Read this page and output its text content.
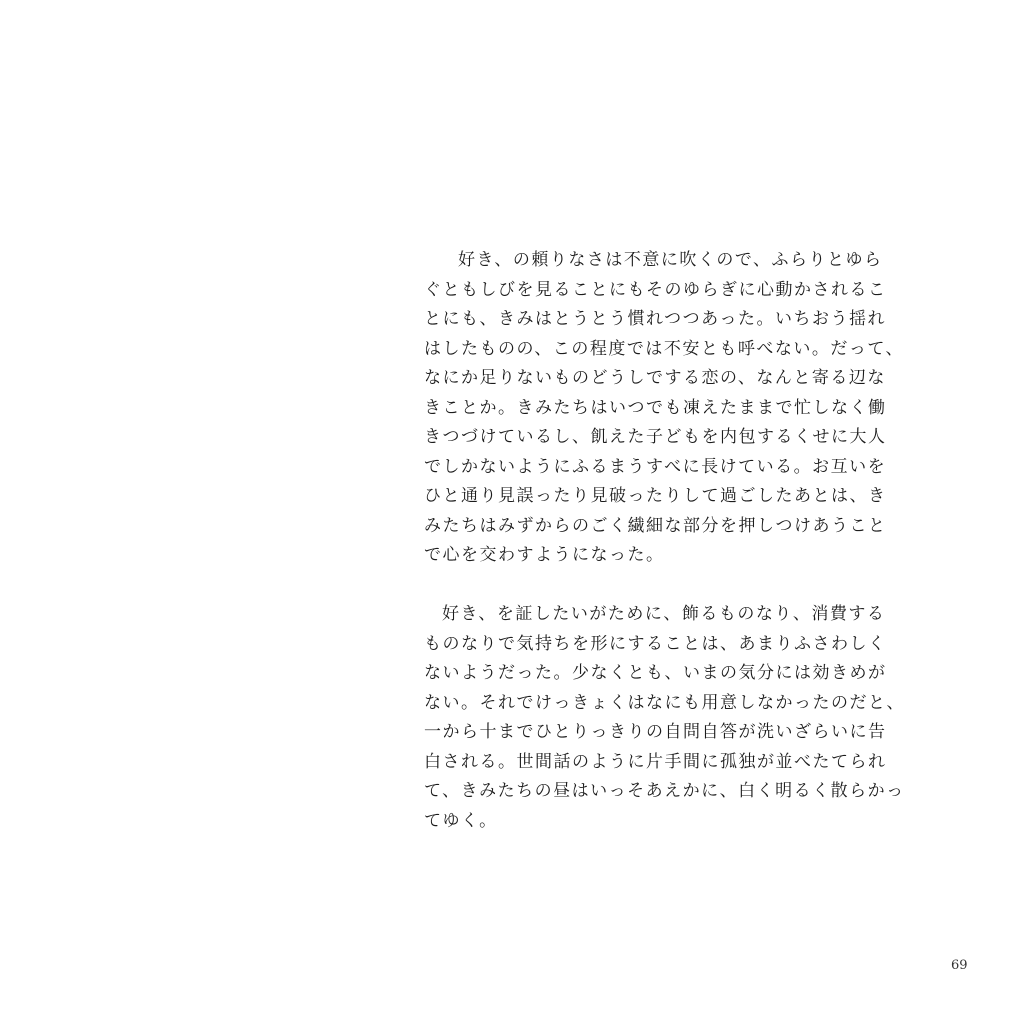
好き、の頼りなさは不意に吹くので、ふらりとゆら
ぐともしびを見ることにもそのゆらぎに心動かされるこ
とにも、きみはとうとう慣れつつあった。いちおう揺れ
はしたものの、この程度では不安とも呼べない。だって、
なにか足りないものどうしでする恋の、なんと寄る辺な
きことか。きみたちはいつでも凍えたままで忙しなく働
きつづけているし、飢えた子どもを内包するくせに大人
でしかないようにふるまうすべに長けている。お互いを
ひと通り見誤ったり見破ったりして過ごしたあとは、き
みたちはみずからのごく繊細な部分を押しつけあうこと
で心を交わすようになった。
好き、を証したいがために、飾るものなり、消費する
ものなりで気持ちを形にすることは、あまりふさわしく
ないようだった。少なくとも、いまの気分には効きめが
ない。それでけっきょくはなにも用意しなかったのだと、
一から十までひとりっきりの自問自答が洗いざらいに告
白される。世間話のように片手間に孤独が並べたてられ
て、きみたちの昼はいっそあえかに、白く明るく散らかっ
てゆく。
69
